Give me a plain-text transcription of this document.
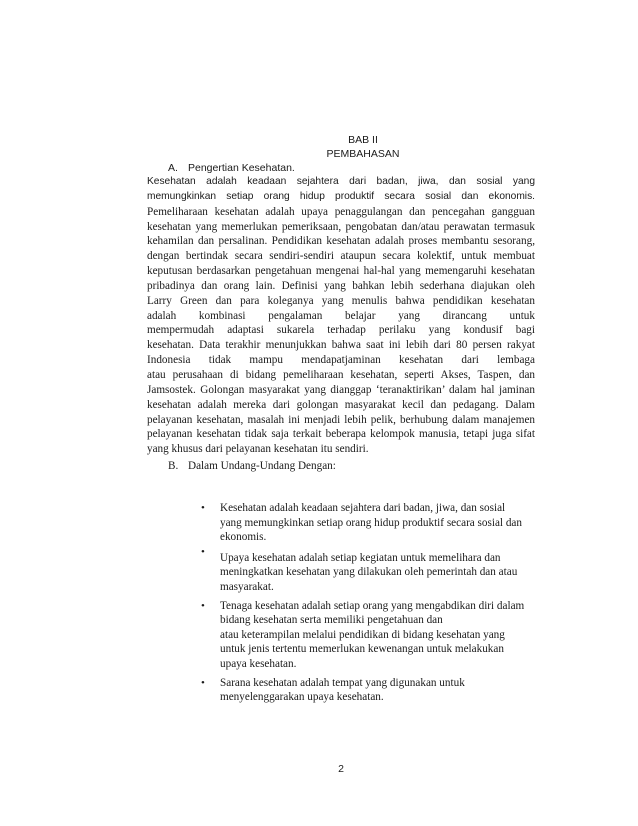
BAB II
PEMBAHASAN
A. Pengertian Kesehatan.
Kesehatan adalah keadaan sejahtera dari badan, jiwa, dan sosial yang
memungkinkan setiap orang hidup produktif secara sosial dan ekonomis.
Pemeliharaan kesehatan adalah upaya penaggulangan dan pencegahan gangguan
kesehatan yang memerlukan pemeriksaan, pengobatan dan/atau perawatan termasuk
kehamilan dan persalinan. Pendidikan kesehatan adalah proses membantu sesorang,
dengan bertindak secara sendiri-sendiri ataupun secara kolektif, untuk membuat
keputusan berdasarkan pengetahuan mengenai hal-hal yang memengaruhi kesehatan
pribadinya dan orang lain. Definisi yang bahkan lebih sederhana diajukan oleh
Larry Green dan para koleganya yang menulis bahwa pendidikan kesehatan
adalah kombinasi pengalaman belajar yang dirancang untuk
mempermudah adaptasi sukarela terhadap perilaku yang kondusif bagi
kesehatan. Data terakhir menunjukkan bahwa saat ini lebih dari 80 persen rakyat
Indonesia tidak mampu mendapatjaminan kesehatan dari lembaga
atau perusahaan di bidang pemeliharaan kesehatan, seperti Akses, Taspen, dan
Jamsostek. Golongan masyarakat yang dianggap ‘teranaktirikan’ dalam hal jaminan
kesehatan adalah mereka dari golongan masyarakat kecil dan pedagang. Dalam
pelayanan kesehatan, masalah ini menjadi lebih pelik, berhubung dalam manajemen
pelayanan kesehatan tidak saja terkait beberapa kelompok manusia, tetapi juga sifat
yang khusus dari pelayanan kesehatan itu sendiri.
B. Dalam Undang-Undang Dengan:
• Kesehatan adalah keadaan sejahtera dari badan, jiwa, dan sosial
yang memungkinkan setiap orang hidup produktif secara sosial dan
ekonomis.
• Upaya kesehatan adalah setiap kegiatan untuk memelihara dan
meningkatkan kesehatan yang dilakukan oleh pemerintah dan atau
masyarakat.
• Tenaga kesehatan adalah setiap orang yang mengabdikan diri dalam
bidang kesehatan serta memiliki pengetahuan dan
atau keterampilan melalui pendidikan di bidang kesehatan yang
untuk jenis tertentu memerlukan kewenangan untuk melakukan
upaya kesehatan.
• Sarana kesehatan adalah tempat yang digunakan untuk
menyelenggarakan upaya kesehatan.
2
